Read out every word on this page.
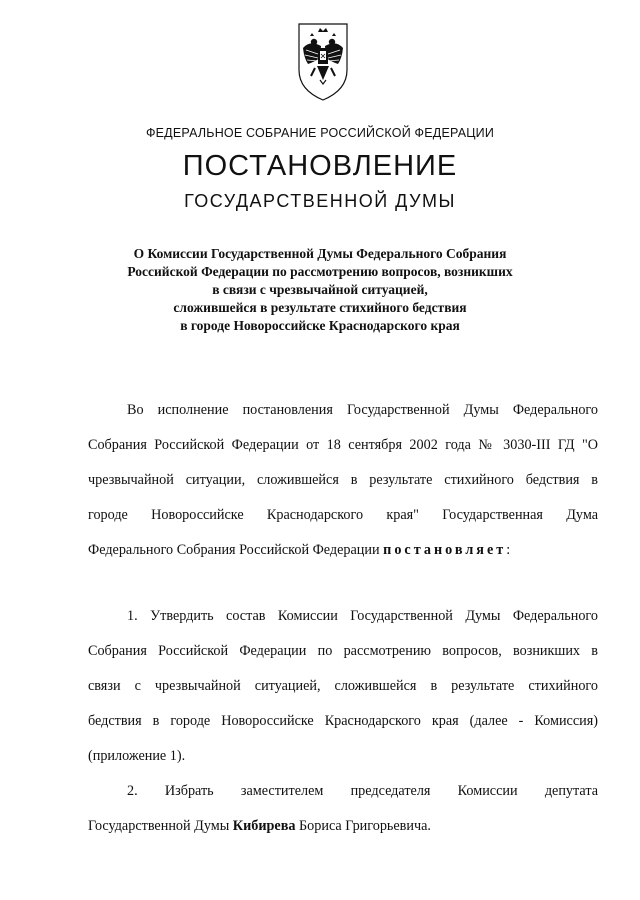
ФЕДЕРАЛЬНОЕ СОБРАНИЕ РОССИЙСКОЙ ФЕДЕРАЦИИ
ПОСТАНОВЛЕНИЕ
ГОСУДАРСТВЕННОЙ ДУМЫ
О Комиссии Государственной Думы Федерального Собрания
Российской Федерации по рассмотрению вопросов, возникших
в связи с чрезвычайной ситуацией,
сложившейся в результате стихийного бедствия
в городе Новороссийске Краснодарского края
Во исполнение постановления Государственной Думы Федерального
Собрания Российской Федерации от 18 сентября 2002 года № 3030-III ГД "О
чрезвычайной ситуации, сложившейся в результате стихийного бедствия в
городе Новороссийске Краснодарского края" Государственная Дума
Федерального Собрания Российской Федерации постановляет:
1. Утвердить состав Комиссии Государственной Думы Федерального
Собрания Российской Федерации по рассмотрению вопросов, возникших в
связи с чрезвычайной ситуацией, сложившейся в результате стихийного
бедствия в городе Новороссийске Краснодарского края (далее - Комиссия)
(приложение 1).
2. Избрать заместителем председателя Комиссии депутата
Государственной Думы Кибирева Бориса Григорьевича.
